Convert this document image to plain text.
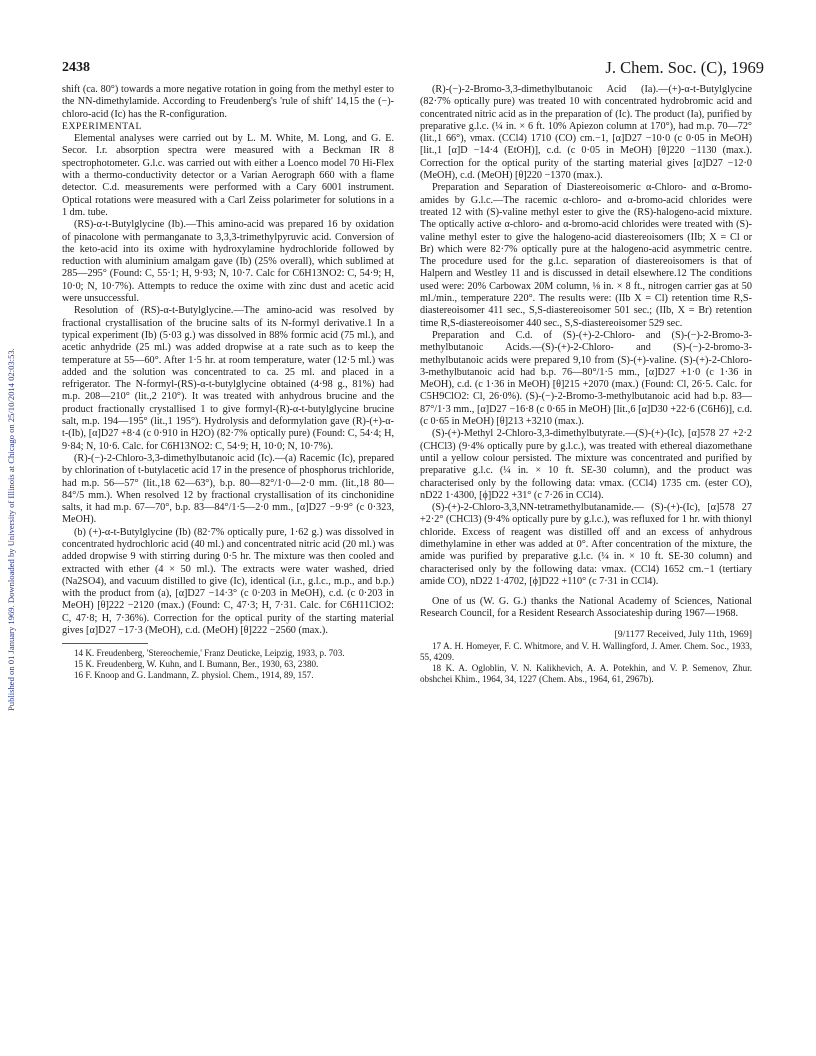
Published on 01 January 1969. Downloaded by University of Illinois at Chicago on 25/10/2014 02:03:53.
2438	J. Chem. Soc. (C), 1969

shift (ca. 80°) towards a more negative rotation in going from the methyl ester to the NN-dimethylamide. According to Freudenberg's 'rule of shift' 14,15 the (−)-chloro-acid (Ic) has the R-configuration.

EXPERIMENTAL

Elemental analyses were carried out by L. M. White, M. Long, and G. E. Secor. I.r. absorption spectra were measured with a Beckman IR 8 spectrophotometer. G.l.c. was carried out with either a Loenco model 70 Hi-Flex with a thermo-conductivity detector or a Varian Aerograph 660 with a flame detector. C.d. measurements were performed with a Cary 6001 instrument. Optical rotations were measured with a Carl Zeiss polarimeter for solutions in a 1 dm. tube.

(RS)-α-t-Butylglycine (Ib).—This amino-acid was prepared 16 by oxidation of pinacolone with permanganate to 3,3,3-trimethylpyruvic acid. Conversion of the keto-acid into its oxime with hydroxylamine hydrochloride followed by reduction with aluminium amalgam gave (Ib) (25% overall), which sublimed at 285—295° (Found: C, 55·1; H, 9·93; N, 10·7. Calc for C6H13NO2: C, 54·9; H, 10·0; N, 10·7%). Attempts to reduce the oxime with zinc dust and acetic acid were unsuccessful.

Resolution of (RS)-α-t-Butylglycine.—The amino-acid was resolved by fractional crystallisation of the brucine salts of its N-formyl derivative.1 In a typical experiment (Ib) (5·03 g.) was dissolved in 88% formic acid (75 ml.), and acetic anhydride (25 ml.) was added dropwise at a rate such as to keep the temperature at 55—60°. After 1·5 hr. at room temperature, water (12·5 ml.) was added and the solution was concentrated to ca. 25 ml. and placed in a refrigerator. The N-formyl-(RS)-α-t-butylglycine obtained (4·98 g., 81%) had m.p. 208—210° (lit.,2 210°). It was treated with anhydrous brucine and the product fractionally crystallised 1 to give formyl-(R)-α-t-butylglycine brucine salt, m.p. 194—195° (lit.,1 195°). Hydrolysis and deformylation gave (R)-(+)-α-t-(Ib), [α]D27 +8·4 (c 0·910 in H2O) (82·7% optically pure) (Found: C, 54·4; H, 9·84; N, 10·6. Calc. for C6H13NO2: C, 54·9; H, 10·0; N, 10·7%).

(R)-(−)-2-Chloro-3,3-dimethylbutanoic acid (Ic).—(a) Racemic (Ic), prepared by chlorination of t-butylacetic acid 17 in the presence of phosphorus trichloride, had m.p. 56—57° (lit.,18 62—63°), b.p. 80—82°/1·0—2·0 mm. (lit.,18 80—84°/5 mm.). When resolved 12 by fractional crystallisation of its cinchonidine salts, it had m.p. 67—70°, b.p. 83—84°/1·5—2·0 mm., [α]D27 −9·9° (c 0·323, MeOH).

(b) (+)-α-t-Butylglycine (Ib) (82·7% optically pure, 1·62 g.) was dissolved in concentrated hydrochloric acid (40 ml.) and concentrated nitric acid (20 ml.) was added dropwise 9 with stirring during 0·5 hr. The mixture was then cooled and extracted with ether (4 × 50 ml.). The extracts were water washed, dried (Na2SO4), and vacuum distilled to give (Ic), identical (i.r., g.l.c., m.p., and b.p.) with the product from (a), [α]D27 −14·3° (c 0·203 in MeOH), c.d. (c 0·203 in MeOH) [θ]222 −2120 (max.) (Found: C, 47·3; H, 7·31. Calc. for C6H11ClO2: C, 47·8; H, 7·36%). Correction for the optical purity of the starting material gives [α]D27 −17·3 (MeOH), c.d. (MeOH) [θ]222 −2560 (max.).

14 K. Freudenberg, 'Stereochemie,' Franz Deuticke, Leipzig, 1933, p. 703.

15 K. Freudenberg, W. Kuhn, and I. Bumann, Ber., 1930, 63, 2380.

16 F. Knoop and G. Landmann, Z. physiol. Chem., 1914, 89, 157.

(R)-(−)-2-Bromo-3,3-dimethylbutanoic Acid (Ia).—(+)-α-t-Butylglycine (82·7% optically pure) was treated 10 with concentrated hydrobromic acid and concentrated nitric acid as in the preparation of (Ic). The product (Ia), purified by preparative g.l.c. (¼ in. × 6 ft. 10% Apiezon column at 170°), had m.p. 70—72° (lit.,1 66°), νmax. (CCl4) 1710 (CO) cm.−1, [α]D27 −10·0 (c 0·05 in MeOH) [lit.,1 [α]D −14·4 (EtOH)], c.d. (c 0·05 in MeOH) [θ]220 −1130 (max.). Correction for the optical purity of the starting material gives [α]D27 −12·0 (MeOH), c.d. (MeOH) [θ]220 −1370 (max.).

Preparation and Separation of Diastereoisomeric α-Chloro- and α-Bromo-amides by G.l.c.—The racemic α-chloro- and α-bromo-acid chlorides were treated 12 with (S)-valine methyl ester to give the (RS)-halogeno-acid mixture. The optically active α-chloro- and α-bromo-acid chlorides were treated with (S)-valine methyl ester to give the halogeno-acid diastereoisomers (IIb; X = Cl or Br) which were 82·7% optically pure at the halogeno-acid asymmetric centre. The procedure used for the g.l.c. separation of diastereoisomers is that of Halpern and Westley 11 and is discussed in detail elsewhere.12 The conditions used were: 20% Carbowax 20M column, ⅛ in. × 8 ft., nitrogen carrier gas at 50 ml./min., temperature 220°. The results were: (IIb X = Cl) retention time R,S-diastereoisomer 411 sec., S,S-diastereoisomer 501 sec.; (IIb, X = Br) retention time R,S-diastereoisomer 440 sec., S,S-diastereoisomer 529 sec.

Preparation and C.d. of (S)-(+)-2-Chloro- and (S)-(−)-2-Bromo-3-methylbutanoic Acids.—(S)-(+)-2-Chloro- and (S)-(−)-2-bromo-3-methylbutanoic acids were prepared 9,10 from (S)-(+)-valine. (S)-(+)-2-Chloro-3-methylbutanoic acid had b.p. 76—80°/1·5 mm., [α]D27 +1·0 (c 1·36 in MeOH), c.d. (c 1·36 in MeOH) [θ]215 +2070 (max.) (Found: Cl, 26·5. Calc. for C5H9ClO2: Cl, 26·0%). (S)-(−)-2-Bromo-3-methylbutanoic acid had b.p. 83—87°/1·3 mm., [α]D27 −16·8 (c 0·65 in MeOH) [lit.,6 [α]D30 +22·6 (C6H6)], c.d. (c 0·65 in MeOH) [θ]213 +3210 (max.).

(S)-(+)-Methyl 2-Chloro-3,3-dimethylbutyrate.—(S)-(+)-(Ic), [α]578 27 +2·2 (CHCl3) (9·4% optically pure by g.l.c.), was treated with ethereal diazomethane until a yellow colour persisted. The mixture was concentrated and purified by preparative g.l.c. (¼ in. × 10 ft. SE-30 column), and the product was characterised only by the following data: νmax. (CCl4) 1735 cm. (ester CO), nD22 1·4300, [ϕ]D22 +31° (c 7·26 in CCl4).

(S)-(+)-2-Chloro-3,3,NN-tetramethylbutanamide.— (S)-(+)-(Ic), [α]578 27 +2·2° (CHCl3) (9·4% optically pure by g.l.c.), was refluxed for 1 hr. with thionyl chloride. Excess of reagent was distilled off and an excess of anhydrous dimethylamine in ether was added at 0°. After concentration of the mixture, the amide was purified by preparative g.l.c. (¼ in. × 10 ft. SE-30 column) and characterised only by the following data: νmax. (CCl4) 1652 cm.−1 (tertiary amide CO), nD22 1·4702, [ϕ]D22 +110° (c 7·31 in CCl4).

One of us (W. G. G.) thanks the National Academy of Sciences, National Research Council, for a Resident Research Associateship during 1967—1968.

[9/1177 Received, July 11th, 1969]

17 A. H. Homeyer, F. C. Whitmore, and V. H. Wallingford, J. Amer. Chem. Soc., 1933, 55, 4209.

18 K. A. Ogloblin, V. N. Kalikhevich, A. A. Potekhin, and V. P. Semenov, Zhur. obshchei Khim., 1964, 34, 1227 (Chem. Abs., 1964, 61, 2967b).
